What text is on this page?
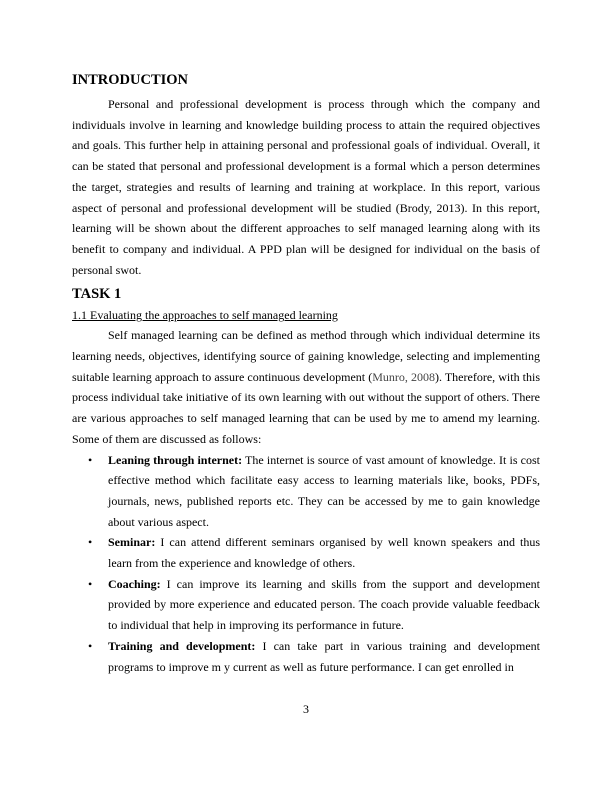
INTRODUCTION

Personal and professional development is process through which the company and individuals involve in learning and knowledge building process to attain the required objectives and goals. This further help in attaining personal and professional goals of individual. Overall, it can be stated that personal and professional development is a formal which a person determines the target, strategies and results of learning and training at workplace. In this report, various aspect of personal and professional development will be studied (Brody, 2013). In this report, learning will be shown about the different approaches to self managed learning along with its benefit to company and individual. A PPD plan will be designed for individual on the basis of personal swot.

TASK 1

1.1 Evaluating the approaches to self managed learning

Self managed learning can be defined as method through which individual determine its learning needs, objectives, identifying source of gaining knowledge, selecting and implementing suitable learning approach to assure continuous development (Munro, 2008). Therefore, with this process individual take initiative of its own learning with out without the support of others. There are various approaches to self managed learning that can be used by me to amend my learning. Some of them are discussed as follows:

• Leaning through internet: The internet is source of vast amount of knowledge. It is cost effective method which facilitate easy access to learning materials like, books, PDFs, journals, news, published reports etc. They can be accessed by me to gain knowledge about various aspect.
• Seminar: I can attend different seminars organised by well known speakers and thus learn from the experience and knowledge of others.
• Coaching: I can improve its learning and skills from the support and development provided by more experience and educated person. The coach provide valuable feedback to individual that help in improving its performance in future.
• Training and development: I can take part in various training and development programs to improve m y current as well as future performance. I can get enrolled in
3
